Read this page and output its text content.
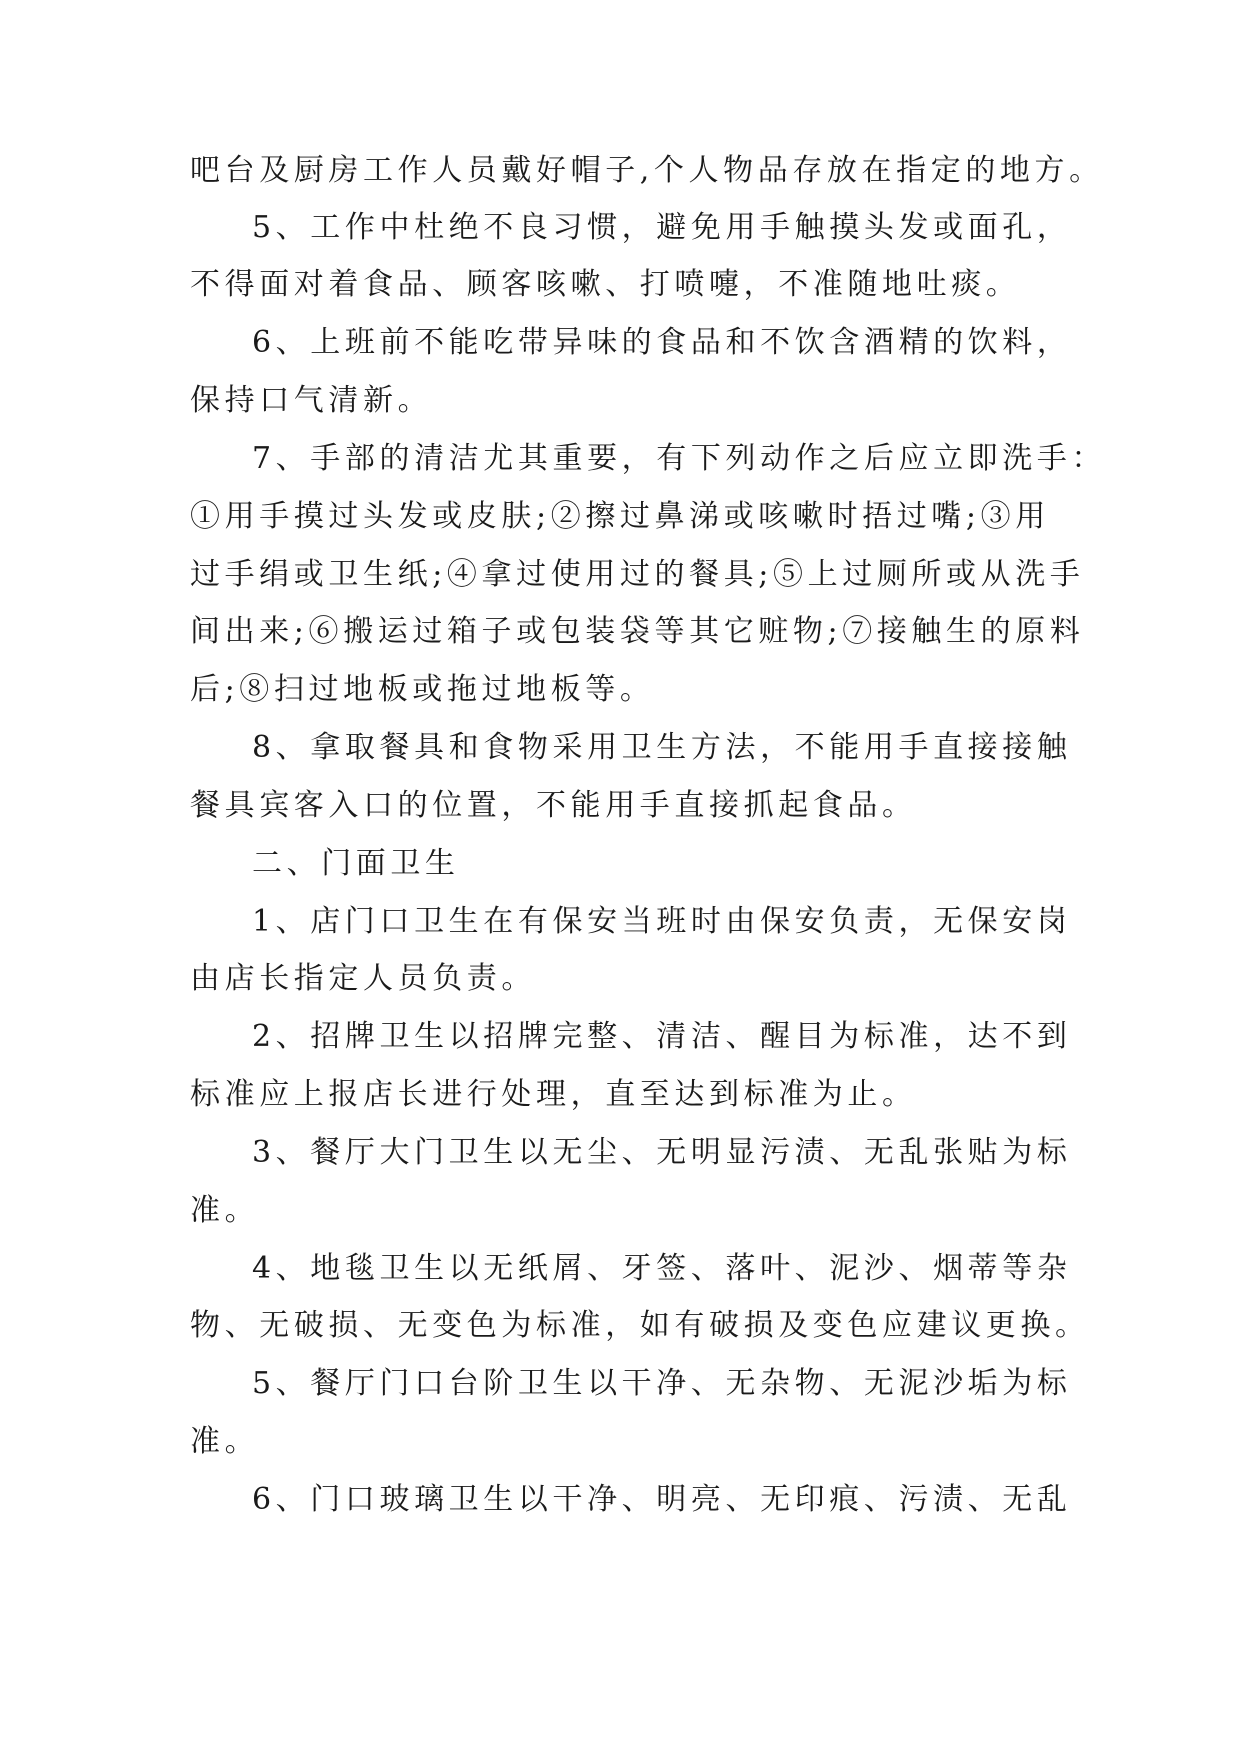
吧台及厨房工作人员戴好帽子,个人物品存放在指定的地方。
5、工作中杜绝不良习惯，避免用手触摸头发或面孔，
不得面对着食品、顾客咳嗽、打喷嚏，不准随地吐痰。
6、上班前不能吃带异味的食品和不饮含酒精的饮料，
保持口气清新。
7、手部的清洁尤其重要，有下列动作之后应立即洗手：
①用手摸过头发或皮肤;②擦过鼻涕或咳嗽时捂过嘴;③用
过手绢或卫生纸;④拿过使用过的餐具;⑤上过厕所或从洗手
间出来;⑥搬运过箱子或包装袋等其它赃物;⑦接触生的原料
后;⑧扫过地板或拖过地板等。
8、拿取餐具和食物采用卫生方法，不能用手直接接触
餐具宾客入口的位置，不能用手直接抓起食品。
二、门面卫生
1、店门口卫生在有保安当班时由保安负责，无保安岗
由店长指定人员负责。
2、招牌卫生以招牌完整、清洁、醒目为标准，达不到
标准应上报店长进行处理，直至达到标准为止。
3、餐厅大门卫生以无尘、无明显污渍、无乱张贴为标
准。
4、地毯卫生以无纸屑、牙签、落叶、泥沙、烟蒂等杂
物、无破损、无变色为标准，如有破损及变色应建议更换。
5、餐厅门口台阶卫生以干净、无杂物、无泥沙垢为标
准。
6、门口玻璃卫生以干净、明亮、无印痕、污渍、无乱
